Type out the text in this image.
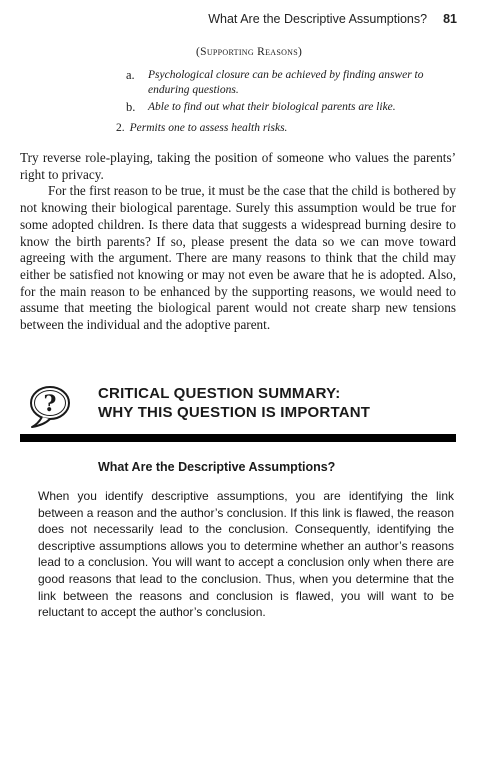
What Are the Descriptive Assumptions? 81
(Supporting Reasons)
a. Psychological closure can be achieved by finding answer to enduring questions.
b. Able to find out what their biological parents are like.
2. Permits one to assess health risks.

Try reverse role-playing, taking the position of someone who values the parents’ right to privacy.

For the first reason to be true, it must be the case that the child is bothered by not knowing their biological parentage. Surely this assumption would be true for some adopted children. Is there data that suggests a widespread burning desire to know the birth parents? If so, please present the data so we can move toward agreeing with the argument. There are many reasons to think that the child may either be satisfied not knowing or may not even be aware that he is adopted. Also, for the main reason to be enhanced by the supporting reasons, we would need to assume that meeting the biological parent would not create sharp new tensions between the individual and the adoptive parent.

?	CRITICAL QUESTION SUMMARY:
WHY THIS QUESTION IS IMPORTANT
What Are the Descriptive Assumptions?
When you identify descriptive assumptions, you are identifying the link between a reason and the author’s conclusion. If this link is flawed, the reason does not necessarily lead to the conclusion. Consequently, identifying the descriptive assumptions allows you to determine whether an author’s reasons lead to a conclusion. You will want to accept a conclusion only when there are good reasons that lead to the conclusion. Thus, when you determine that the link between the reasons and conclusion is flawed, you will want to be reluctant to accept the author’s conclusion.
